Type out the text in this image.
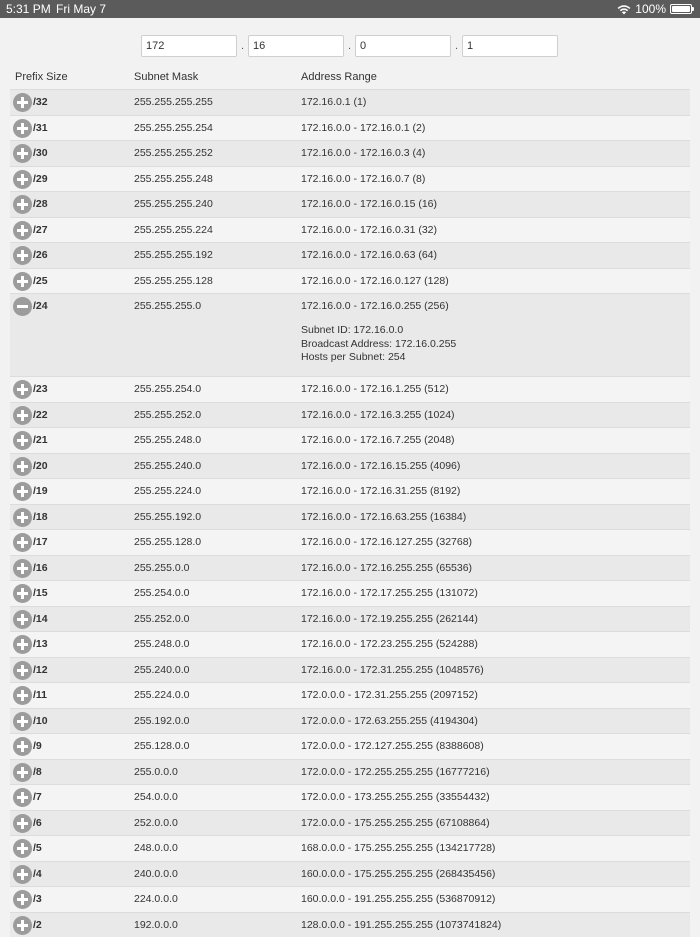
5:31 PM Fri May 7	100%
172
.
16	.
0	.
1
Prefix Size	Subnet Mask	Address Range
/32	255.255.255.255	172.16.0.1 (1)
/31	255.255.255.254	172.16.0.0 - 172.16.0.1 (2)
/30	255.255.255.252	172.16.0.0 - 172.16.0.3 (4)
/29	255.255.255.248	172.16.0.0 - 172.16.0.7 (8)
/28	255.255.255.240	172.16.0.0 - 172.16.0.15 (16)
/27	255.255.255.224	172.16.0.0 - 172.16.0.31 (32)
/26	255.255.255.192	172.16.0.0 - 172.16.0.63 (64)
/25	255.255.255.128	172.16.0.0 - 172.16.0.127 (128)
/24	255.255.255.0	172.16.0.0 - 172.16.0.255 (256)
Subnet ID: 172.16.0.0
Broadcast Address: 172.16.0.255
Hosts per Subnet: 254
/23	255.255.254.0	172.16.0.0 - 172.16.1.255 (512)
/22	255.255.252.0	172.16.0.0 - 172.16.3.255 (1024)
/21	255.255.248.0	172.16.0.0 - 172.16.7.255 (2048)
/20	255.255.240.0	172.16.0.0 - 172.16.15.255 (4096)
/19	255.255.224.0	172.16.0.0 - 172.16.31.255 (8192)
/18	255.255.192.0	172.16.0.0 - 172.16.63.255 (16384)
/17	255.255.128.0	172.16.0.0 - 172.16.127.255 (32768)
/16	255.255.0.0	172.16.0.0 - 172.16.255.255 (65536)
/15	255.254.0.0	172.16.0.0 - 172.17.255.255 (131072)
/14	255.252.0.0	172.16.0.0 - 172.19.255.255 (262144)
/13	255.248.0.0	172.16.0.0 - 172.23.255.255 (524288)
/12	255.240.0.0	172.16.0.0 - 172.31.255.255 (1048576)
/11	255.224.0.0	172.0.0.0 - 172.31.255.255 (2097152)
/10	255.192.0.0	172.0.0.0 - 172.63.255.255 (4194304)
/9	255.128.0.0	172.0.0.0 - 172.127.255.255 (8388608)
/8	255.0.0.0	172.0.0.0 - 172.255.255.255 (16777216)
/7	254.0.0.0	172.0.0.0 - 173.255.255.255 (33554432)
/6	252.0.0.0	172.0.0.0 - 175.255.255.255 (67108864)
/5	248.0.0.0	168.0.0.0 - 175.255.255.255 (134217728)
/4	240.0.0.0	160.0.0.0 - 175.255.255.255 (268435456)
/3	224.0.0.0	160.0.0.0 - 191.255.255.255 (536870912)
/2	192.0.0.0	128.0.0.0 - 191.255.255.255 (1073741824)
